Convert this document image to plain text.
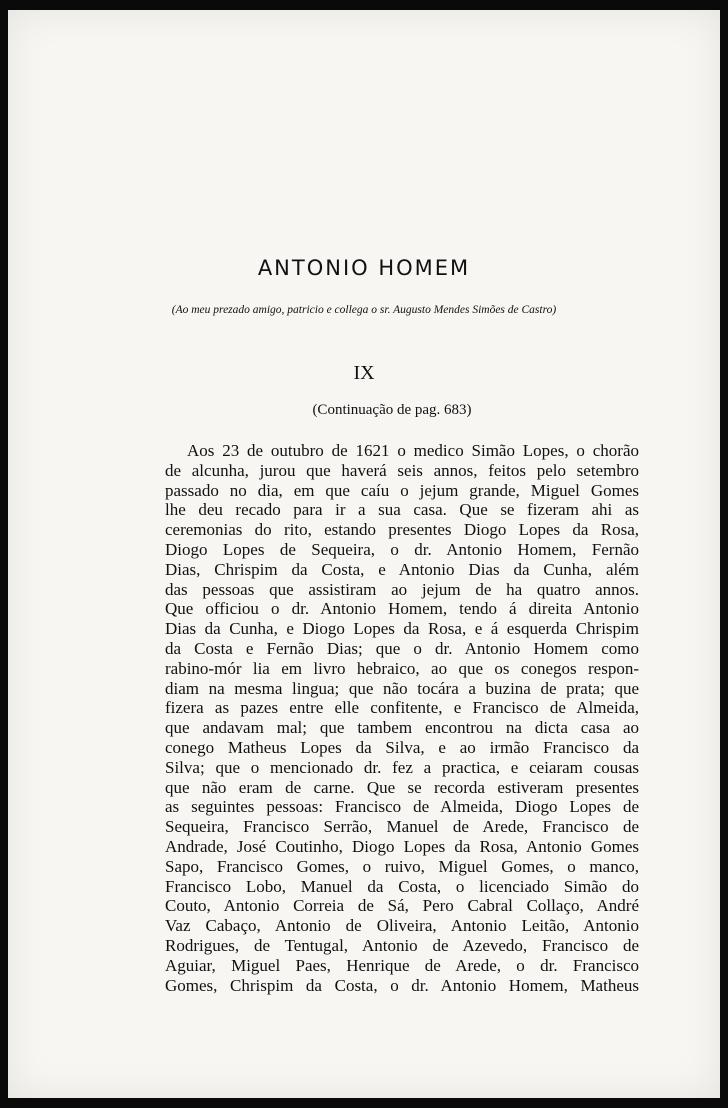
ANTONIO HOMEM
(Ao meu prezado amigo, patricio e collega o sr. Augusto Mendes Simões de Castro)
IX
(Continuação de pag. 683)
Aos 23 de outubro de 1621 o medico Simão Lopes, o chorão
de alcunha, jurou que haverá seis annos, feitos pelo setembro
passado no dia, em que caíu o jejum grande, Miguel Gomes
lhe deu recado para ir a sua casa. Que se fizeram ahi as
ceremonias do rito, estando presentes Diogo Lopes da Rosa,
Diogo Lopes de Sequeira, o dr. Antonio Homem, Fernão
Dias, Chrispim da Costa, e Antonio Dias da Cunha, além
das pessoas que assistiram ao jejum de ha quatro annos.
Que officiou o dr. Antonio Homem, tendo á direita Antonio
Dias da Cunha, e Diogo Lopes da Rosa, e á esquerda Chrispim
da Costa e Fernão Dias; que o dr. Antonio Homem como
rabino-mór lia em livro hebraico, ao que os conegos respon-
diam na mesma lingua; que não tocára a buzina de prata; que
fizera as pazes entre elle confitente, e Francisco de Almeida,
que andavam mal; que tambem encontrou na dicta casa ao
conego Matheus Lopes da Silva, e ao irmão Francisco da
Silva; que o mencionado dr. fez a practica, e ceiaram cousas
que não eram de carne. Que se recorda estiveram presentes
as seguintes pessoas: Francisco de Almeida, Diogo Lopes de
Sequeira, Francisco Serrão, Manuel de Arede, Francisco de
Andrade, José Coutinho, Diogo Lopes da Rosa, Antonio Gomes
Sapo, Francisco Gomes, o ruivo, Miguel Gomes, o manco,
Francisco Lobo, Manuel da Costa, o licenciado Simão do
Couto, Antonio Correia de Sá, Pero Cabral Collaço, André
Vaz Cabaço, Antonio de Oliveira, Antonio Leitão, Antonio
Rodrigues, de Tentugal, Antonio de Azevedo, Francisco de
Aguiar, Miguel Paes, Henrique de Arede, o dr. Francisco
Gomes, Chrispim da Costa, o dr. Antonio Homem, Matheus
